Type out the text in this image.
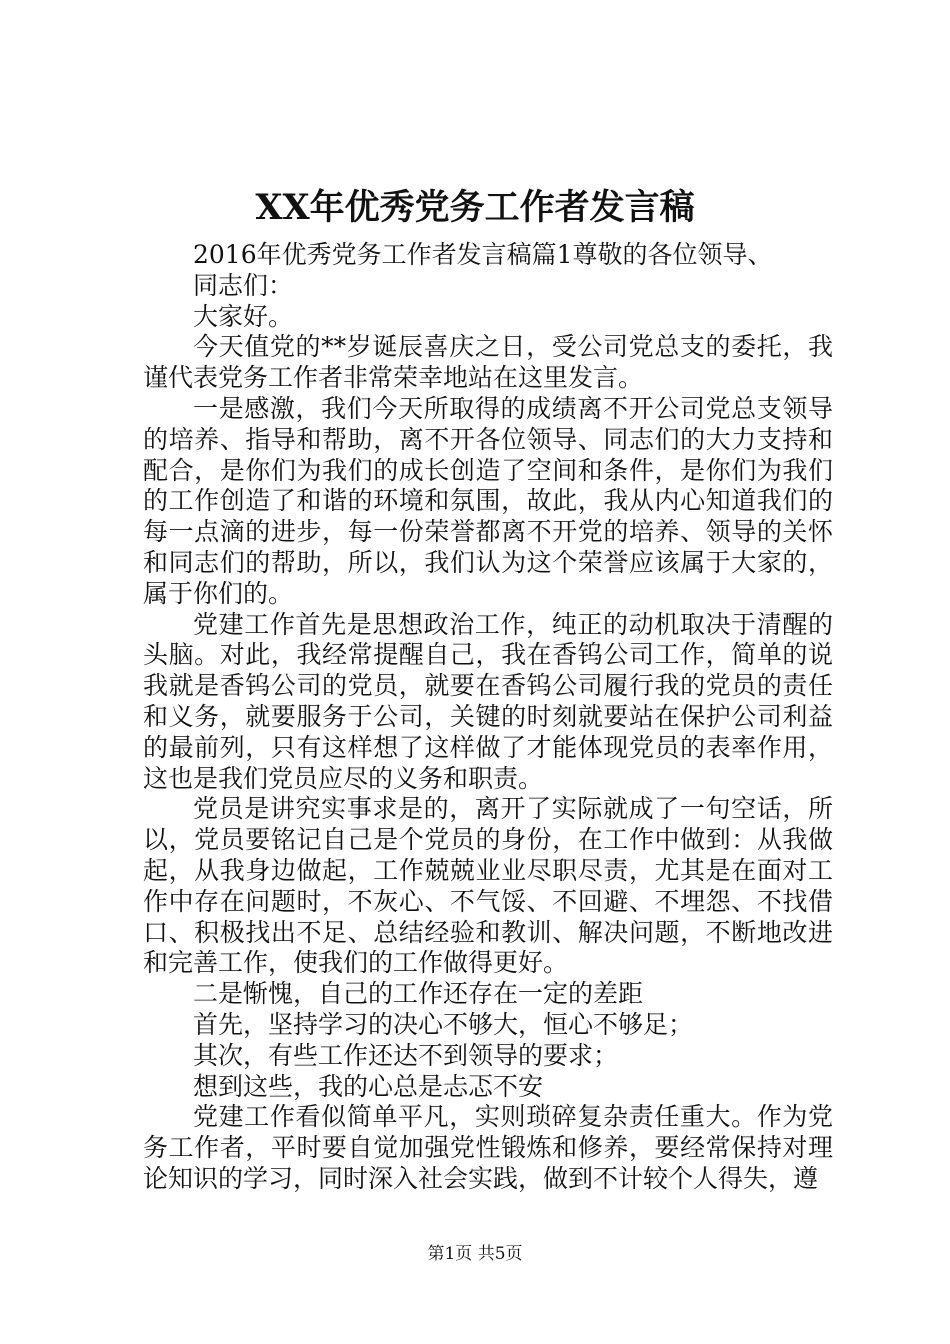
XX年优秀党务工作者发言稿

2016年优秀党务工作者发言稿篇1尊敬的各位领导、

同志们：

大家好。

今天值党的**岁诞辰喜庆之日，受公司党总支的委托，我谨代表党务工作者非常荣幸地站在这里发言。

一是感激，我们今天所取得的成绩离不开公司党总支领导的培养、指导和帮助，离不开各位领导、同志们的大力支持和配合，是你们为我们的成长创造了空间和条件，是你们为我们的工作创造了和谐的环境和氛围，故此，我从内心知道我们的每一点滴的进步，每一份荣誉都离不开党的培养、领导的关怀和同志们的帮助，所以，我们认为这个荣誉应该属于大家的，属于你们的。

党建工作首先是思想政治工作，纯正的动机取决于清醒的头脑。对此，我经常提醒自己，我在香钨公司工作，简单的说我就是香钨公司的党员，就要在香钨公司履行我的党员的责任和义务，就要服务于公司，关键的时刻就要站在保护公司利益的最前列，只有这样想了这样做了才能体现党员的表率作用，这也是我们党员应尽的义务和职责。

党员是讲究实事求是的，离开了实际就成了一句空话，所以，党员要铭记自己是个党员的身份，在工作中做到：从我做起，从我身边做起，工作兢兢业业尽职尽责，尤其是在面对工作中存在问题时，不灰心、不气馁、不回避、不埋怨、不找借口、积极找出不足、总结经验和教训、解决问题，不断地改进和完善工作，使我们的工作做得更好。

二是惭愧，自己的工作还存在一定的差距

首先，坚持学习的决心不够大，恒心不够足；

其次，有些工作还达不到领导的要求；

想到这些，我的心总是忐忑不安

党建工作看似简单平凡，实则琐碎复杂责任重大。作为党务工作者，平时要自觉加强党性锻炼和修养，要经常保持对理论知识的学习，同时深入社会实践，做到不计较个人得失，遵

第1页 共5页
